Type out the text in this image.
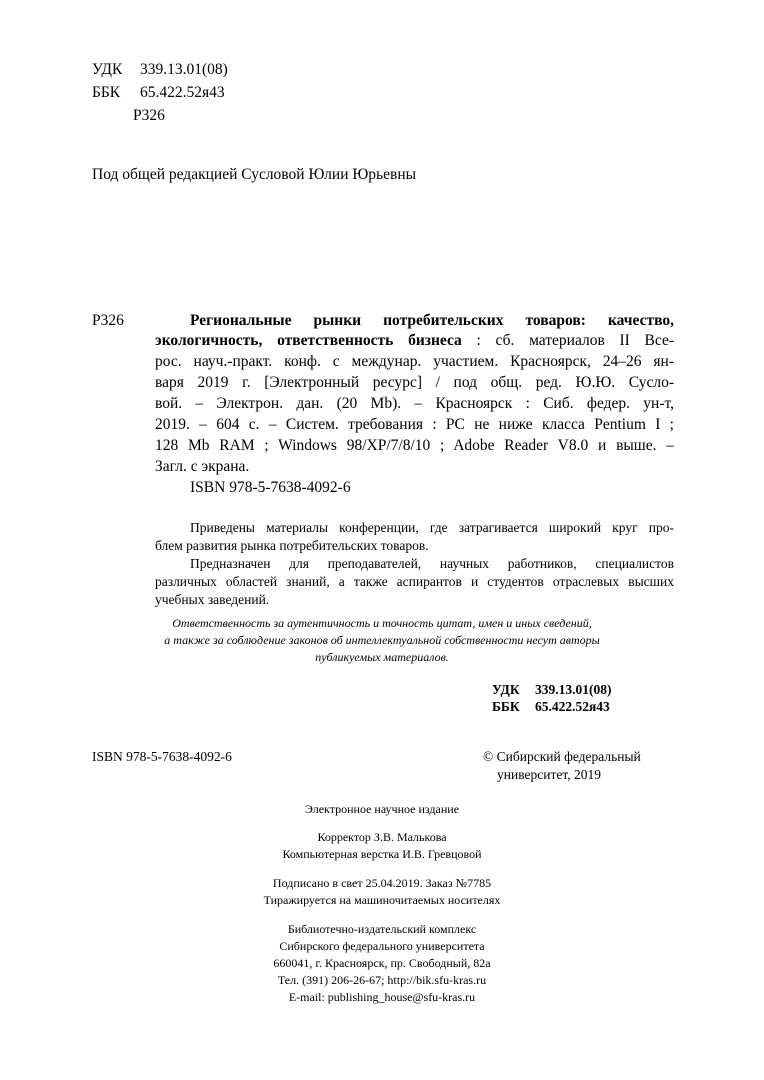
УДК 339.13.01(08)
ББК 65.422.52я43
Р326
Под общей редакцией Сусловой Юлии Юрьевны
Р326	Региональные рынки потребительских товаров: качество,
экологичность, ответственность бизнеса : сб. материалов II Все-
рос. науч.-практ. конф. с междунар. участием. Красноярск, 24–26 ян-
варя 2019 г. [Электронный ресурс] / под общ. ред. Ю.Ю. Сусло-
вой. – Электрон. дан. (20 Mb). – Красноярск : Сиб. федер. ун-т,
2019. – 604 с. – Систем. требования : PC не ниже класса Pentium I ;
128 Mb RAM ; Windows 98/XP/7/8/10 ; Adobe Reader V8.0 и выше. –
Загл. с экрана.
ISBN 978-5-7638-4092-6
Приведены материалы конференции, где затрагивается широкий круг про-
блем развития рынка потребительских товаров.
Предназначен для преподавателей, научных работников, специалистов
различных областей знаний, а также аспирантов и студентов отраслевых высших
учебных заведений.
Ответственность за аутентичность и точность цитат, имен и иных сведений,
а также за соблюдение законов об интеллектуальной собственности несут авторы
публикуемых материалов.
УДК 339.13.01(08)
ББК 65.422.52я43
ISBN 978-5-7638-4092-6	© Сибирский федеральный
университет, 2019
Электронное научное издание
Корректор З.В. Малькова
Компьютерная верстка И.В. Гревцовой
Подписано в свет 25.04.2019. Заказ №7785
Тиражируется на машиночитаемых носителях
Библиотечно-издательский комплекс
Сибирского федерального университета
660041, г. Красноярск, пр. Свободный, 82а
Тел. (391) 206-26-67; http://bik.sfu-kras.ru
E-mail: publishing_house@sfu-kras.ru
